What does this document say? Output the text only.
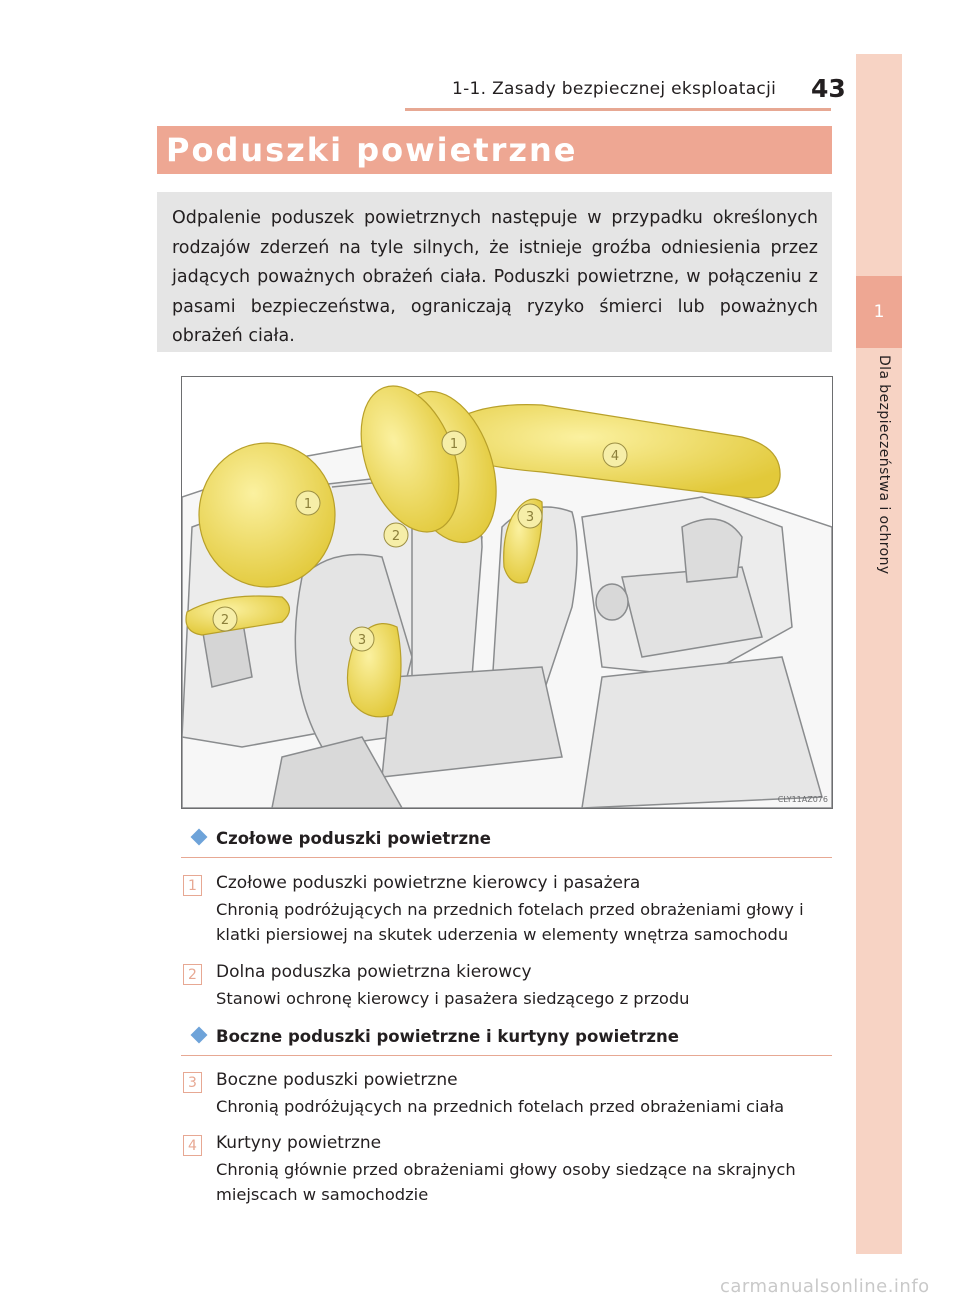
1-1. Zasady bezpiecznej eksploatacji 43
1
Dla bezpieczeństwa i ochrony
Poduszki powietrzne

Odpalenie poduszek powietrznych następuje w przypadku określonych rodzajów zderzeń na tyle silnych, że istnieje groźba odniesienia przez jadących poważnych obrażeń ciała. Poduszki powietrzne, w połączeniu z pasami bezpieczeństwa, ograniczają ryzyko śmierci lub poważnych obrażeń ciała.

1
1
2
2
3
3
4
CLY11AZ076
Czołowe poduszki powietrzne
1 Czołowe poduszki powietrzne kierowcy i pasażera
Chronią podróżujących na przednich fotelach przed obrażeniami głowy i klatki piersiowej na skutek uderzenia w elementy wnętrza samochodu
2 Dolna poduszka powietrzna kierowcy
Stanowi ochronę kierowcy i pasażera siedzącego z przodu
Boczne poduszki powietrzne i kurtyny powietrzne
3 Boczne poduszki powietrzne
Chronią podróżujących na przednich fotelach przed obrażeniami ciała
4 Kurtyny powietrzne
Chronią głównie przed obrażeniami głowy osoby siedzące na skrajnych miejscach w samochodzie
carmanualsonline.info
